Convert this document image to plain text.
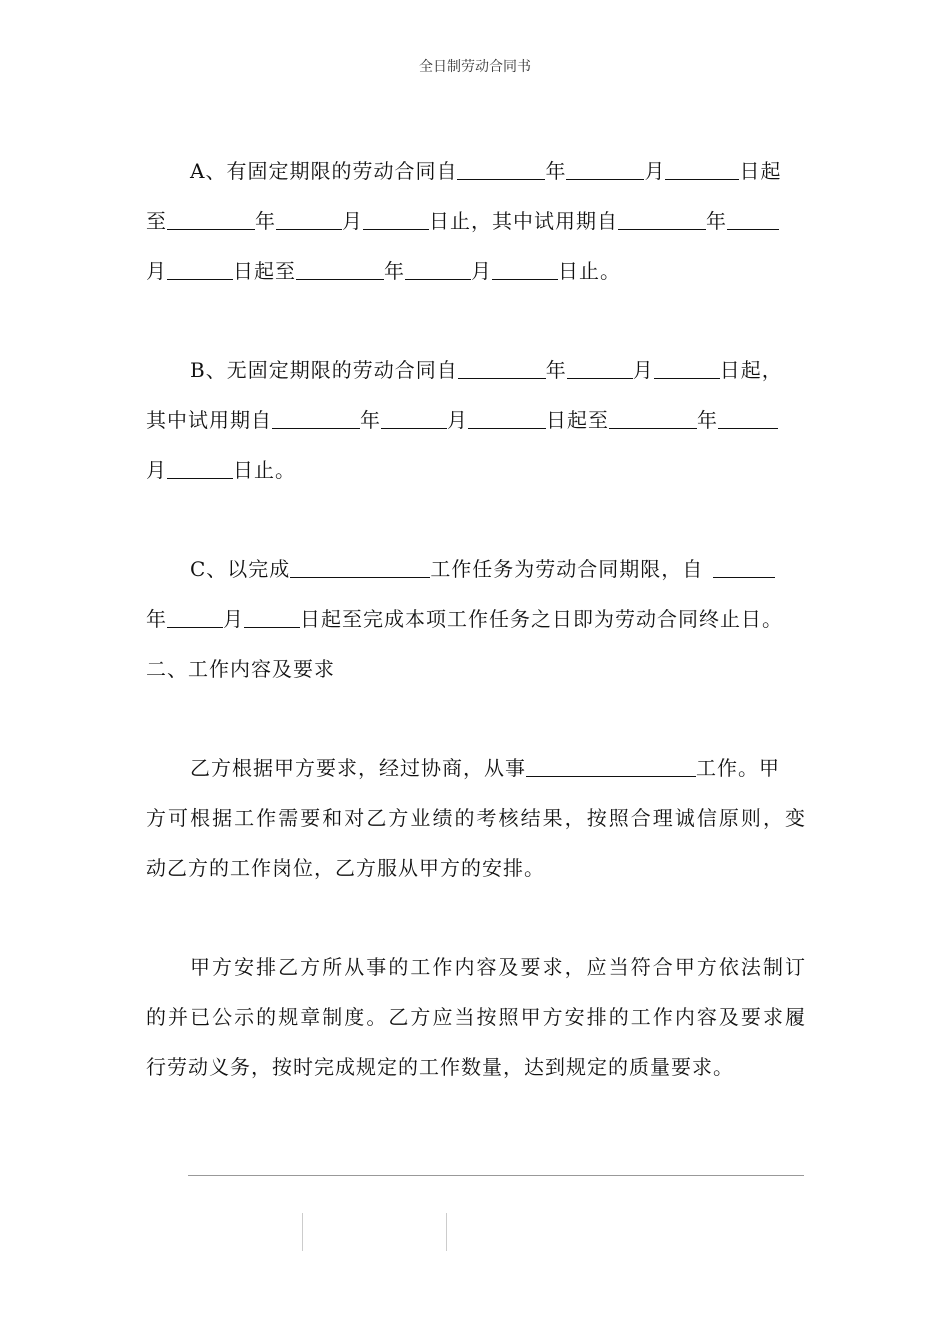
全日制劳动合同书
A、有固定期限的劳动合同自	年	月	日起
至	年	月	日止，其中试用期自	年
月	日起至	年	月	日止。
B、无固定期限的劳动合同自	年	月	日起，
其中试用期自	年	月	日起至	年
月	日止。
C、以完成	工作任务为劳动合同期限，自
年	月	日起至完成本项工作任务之日即为劳动合同终止日。
二、工作内容及要求
乙方根据甲方要求，经过协商，从事	工作。甲
方可根据工作需要和对乙方业绩的考核结果，按照合理诚信原则，变
动乙方的工作岗位，乙方服从甲方的安排。
甲方安排乙方所从事的工作内容及要求，应当符合甲方依法制订
的并已公示的规章制度。乙方应当按照甲方安排的工作内容及要求履
行劳动义务，按时完成规定的工作数量，达到规定的质量要求。
